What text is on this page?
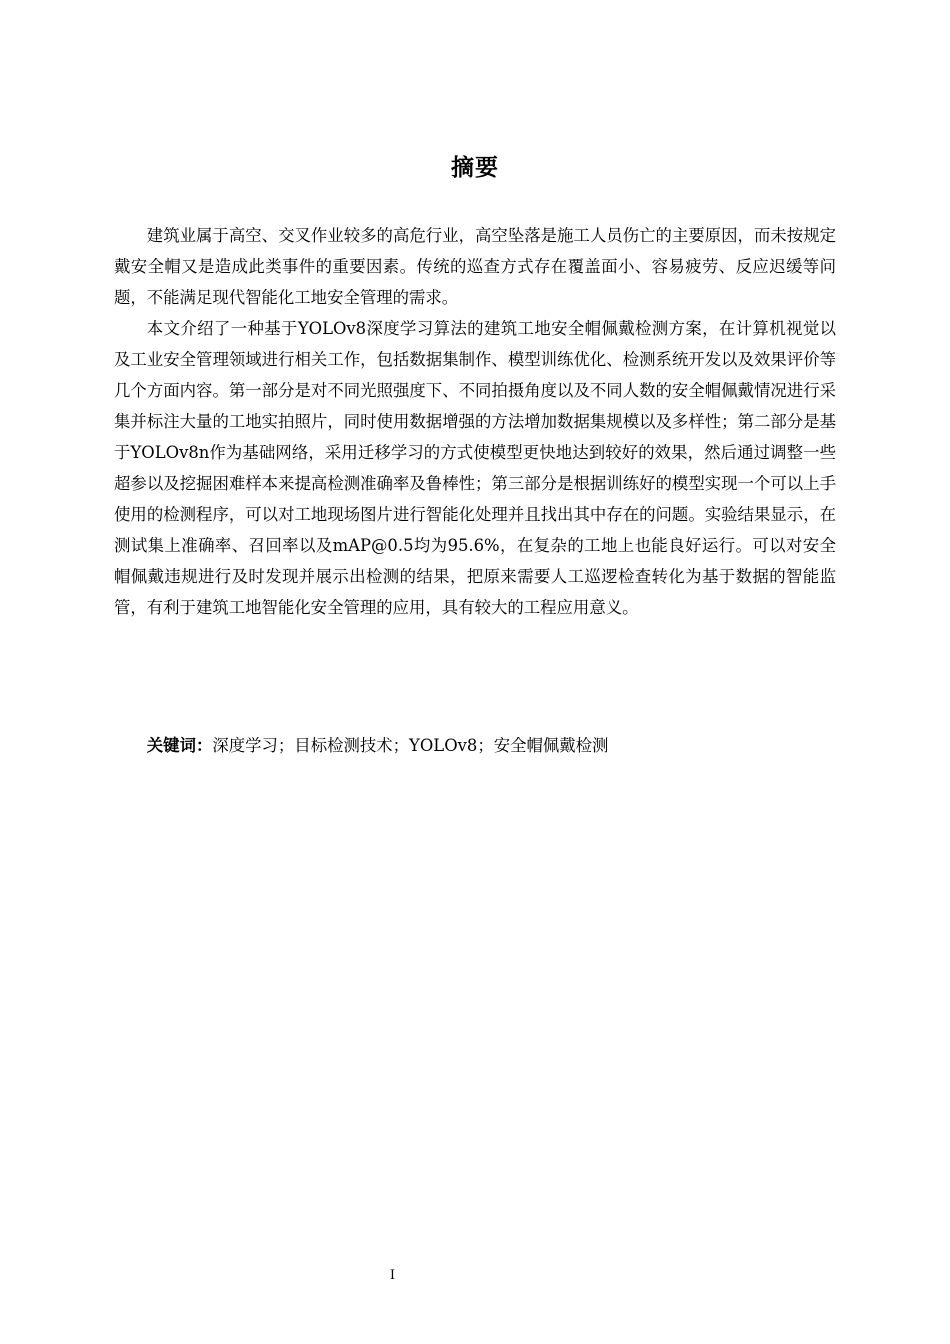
摘要

建筑业属于高空、交叉作业较多的高危行业，高空坠落是施工人员伤亡的主要原因，而未按规定戴安全帽又是造成此类事件的重要因素。传统的巡查方式存在覆盖面小、容易疲劳、反应迟缓等问题，不能满足现代智能化工地安全管理的需求。

本文介绍了一种基于YOLOv8深度学习算法的建筑工地安全帽佩戴检测方案，在计算机视觉以及工业安全管理领域进行相关工作，包括数据集制作、模型训练优化、检测系统开发以及效果评价等几个方面内容。第一部分是对不同光照强度下、不同拍摄角度以及不同人数的安全帽佩戴情况进行采集并标注大量的工地实拍照片，同时使用数据增强的方法增加数据集规模以及多样性；第二部分是基于YOLOv8n作为基础网络，采用迁移学习的方式使模型更快地达到较好的效果，然后通过调整一些超参以及挖掘困难样本来提高检测准确率及鲁棒性；第三部分是根据训练好的模型实现一个可以上手使用的检测程序，可以对工地现场图片进行智能化处理并且找出其中存在的问题。实验结果显示，在测试集上准确率、召回率以及mAP@0.5均为95.6%，在复杂的工地上也能良好运行。可以对安全帽佩戴违规进行及时发现并展示出检测的结果，把原来需要人工巡逻检查转化为基于数据的智能监管，有利于建筑工地智能化安全管理的应用，具有较大的工程应用意义。

关键词：深度学习；目标检测技术；YOLOv8；安全帽佩戴检测
I
